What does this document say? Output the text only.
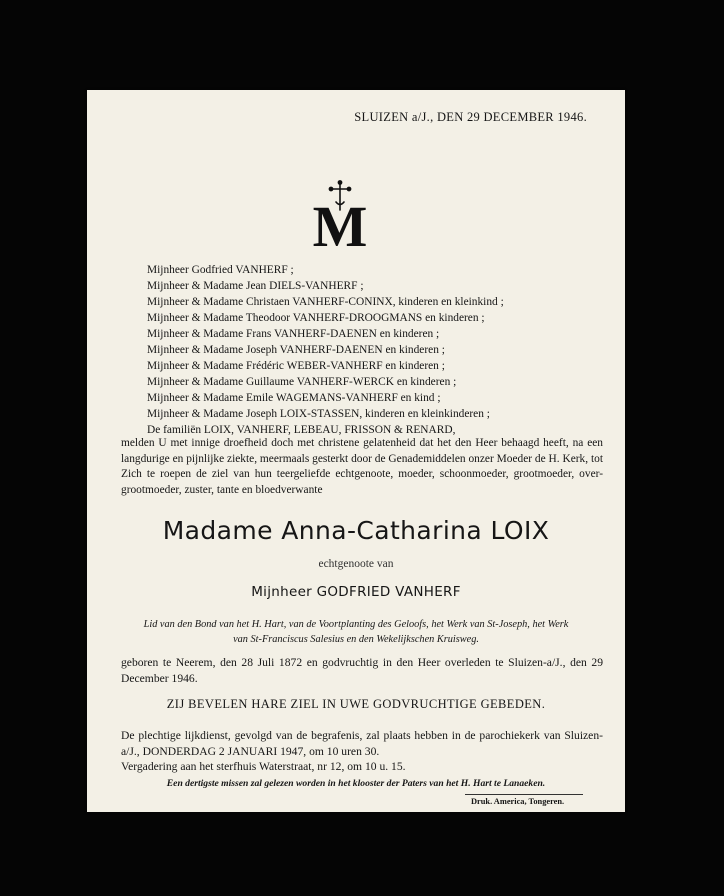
SLUIZEN a/J., DEN 29 DECEMBER 1946.
M
Mijnheer Godfried VANHERF ;
Mijnheer & Madame Jean DIELS-VANHERF ;
Mijnheer & Madame Christaen VANHERF-CONINX, kinderen en kleinkind ;
Mijnheer & Madame Theodoor VANHERF-DROOGMANS en kinderen ;
Mijnheer & Madame Frans VANHERF-DAENEN en kinderen ;
Mijnheer & Madame Joseph VANHERF-DAENEN en kinderen ;
Mijnheer & Madame Frédéric WEBER-VANHERF en kinderen ;
Mijnheer & Madame Guillaume VANHERF-WERCK en kinderen ;
Mijnheer & Madame Emile WAGEMANS-VANHERF en kind ;
Mijnheer & Madame Joseph LOIX-STASSEN, kinderen en kleinkinderen ;
De familiën LOIX, VANHERF, LEBEAU, FRISSON & RENARD,
melden U met innige droefheid doch met christene gelatenheid dat het den Heer behaagd heeft, na een langdurige en pijnlijke ziekte, meermaals gesterkt door de Genademiddelen onzer Moeder de H. Kerk, tot Zich te roepen de ziel van hun teergeliefde echtgenoote, moeder, schoonmoeder, grootmoeder, over-grootmoeder, zuster, tante en bloedverwante
Madame Anna-Catharina LOIX
echtgenoote van
Mijnheer GODFRIED VANHERF
Lid van den Bond van het H. Hart, van de Voortplanting des Geloofs, het Werk van St-Joseph, het Werk van St-Franciscus Salesius en den Wekelijkschen Kruisweg.
geboren te Neerem, den 28 Juli 1872 en godvruchtig in den Heer overleden te Sluizen-a/J., den 29 December 1946.
ZIJ BEVELEN HARE ZIEL IN UWE GODVRUCHTIGE GEBEDEN.
De plechtige lijkdienst, gevolgd van de begrafenis, zal plaats hebben in de parochiekerk van Sluizen-a/J., DONDERDAG 2 JANUARI 1947, om 10 uren 30.
Vergadering aan het sterfhuis Waterstraat, nr 12, om 10 u. 15.
Een dertigste missen zal gelezen worden in het klooster der Paters van het H. Hart te Lanaeken.
Druk. America, Tongeren.
